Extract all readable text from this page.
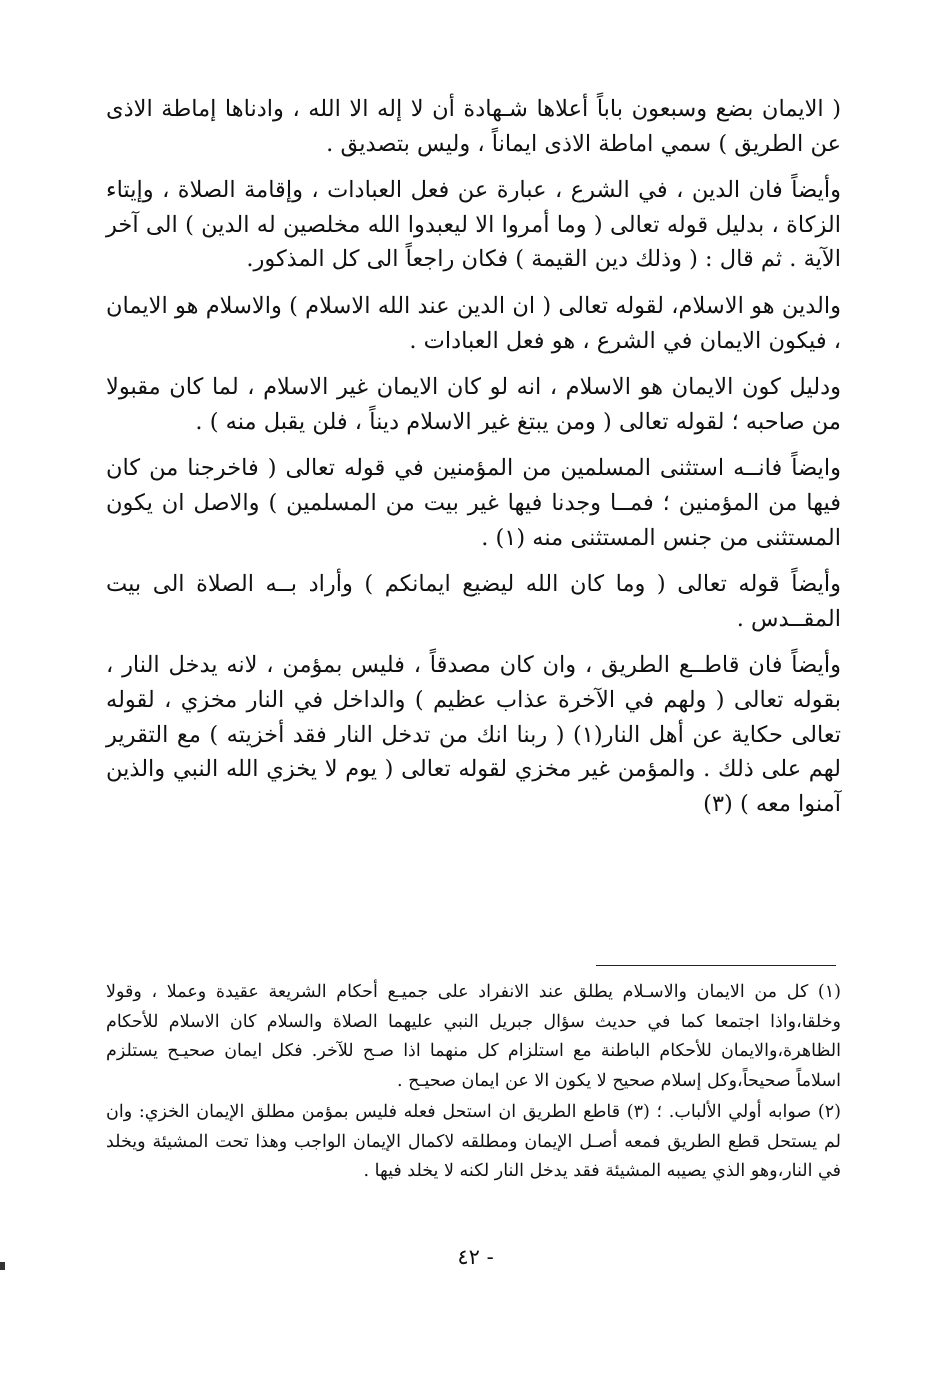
( الايمان بضع وسبعون باباً أعلاها شـهادة أن لا إله الا الله ، وادناها إماطة الاذى عن الطريق ) سمي اماطة الاذى ايماناً ، وليس بتصديق .

وأيضاً فان الدين ، في الشرع ، عبارة عن فعل العبادات ، وإقامة الصلاة ، وإيتاء الزكاة ، بدليل قوله تعالى ( وما أمروا الا ليعبدوا الله مخلصين له الدين ) الى آخر الآية . ثم قال : ( وذلك دين القيمة ) فكان راجعاً الى كل المذكور.

والدين هو الاسلام، لقوله تعالى ( ان الدين عند الله الاسلام ) والاسلام هو الايمان ، فيكون الايمان في الشرع ، هو فعل العبادات .

ودليل كون الايمان هو الاسلام ، انه لو كان الايمان غير الاسلام ، لما كان مقبولا من صاحبه ؛ لقوله تعالى ( ومن يبتغ غير الاسلام ديناً ، فلن يقبل منه ) .

وايضاً فانــه استثنى المسلمين من المؤمنين في قوله تعالى ( فاخرجنا من كان فيها من المؤمنين ؛ فمــا وجدنا فيها غير بيت من المسلمين ) والاصل ان يكون المستثنى من جنس المستثنى منه (١) .

وأيضاً قوله تعالى ( وما كان الله ليضيع ايمانكم ) وأراد بــه الصلاة الى بيت المقــدس .

وأيضاً فان قاطــع الطريق ، وان كان مصدقاً ، فليس بمؤمن ، لانه يدخل النار ، بقوله تعالى ( ولهم في الآخرة عذاب عظيم ) والداخل في النار مخزي ، لقوله تعالى حكاية عن أهل النار(١) ( ربنا انك من تدخل النار فقد أخزيته ) مع التقرير لهم على ذلك . والمؤمن غير مخزي لقوله تعالى ( يوم لا يخزي الله النبي والذين آمنوا معه ) (٣)

(١) كل من الايمان والاسـلام يطلق عند الانفراد على جميـع أحكام الشريعة عقيدة وعملا ، وقولا وخلقا،واذا اجتمعا كما في حديث سؤال جبريل النبي عليهما الصلاة والسلام كان الاسلام للأحكام الظاهرة،والايمان للأحكام الباطنة مع استلزام كل منهما اذا صـح للآخر. فكل ايمان صحيـح يستلزم اسلاماً صحيحاً،وكل إسلام صحيح لا يكون الا عن ايمان صحيـح .

(٢) صوابه أولي الألباب. ؛ (٣) قاطع الطريق ان استحل فعله فليس بمؤمن مطلق الإيمان الخزي: وان لم يستحل قطع الطريق فمعه أصـل الإيمان ومطلقه لاكمال الإيمان الواجب وهذا تحت المشيئة ويخلد في النار،وهو الذي يصيبه المشيئة فقد يدخل النار لكنه لا يخلد فيها .

- ٤٢
